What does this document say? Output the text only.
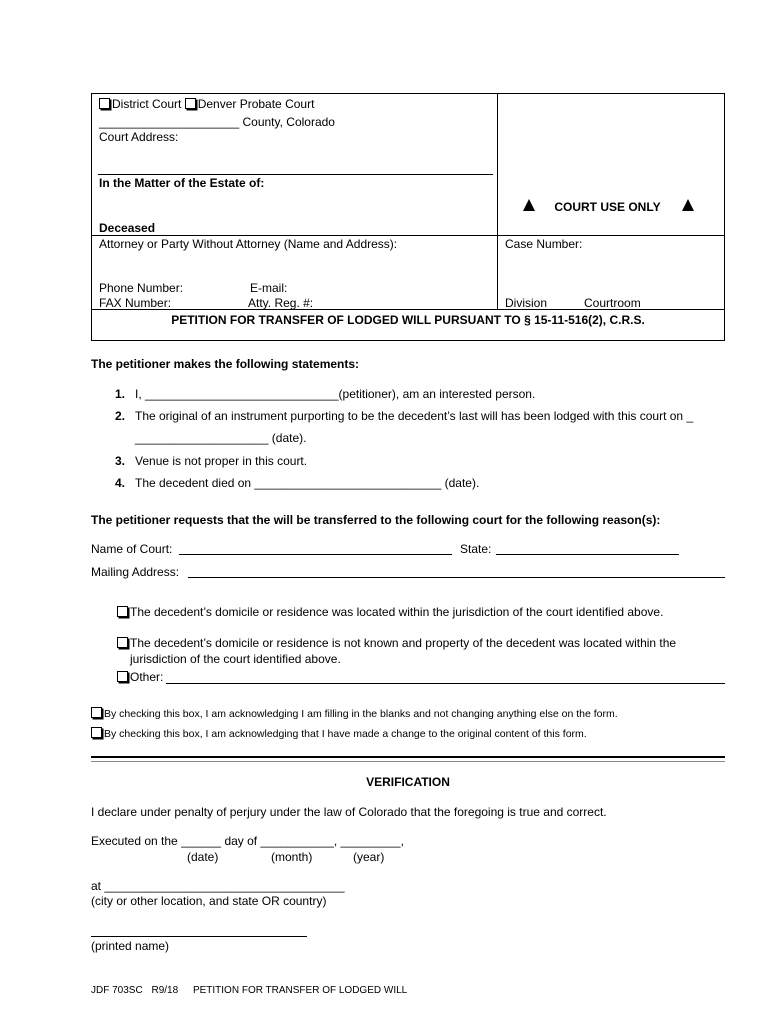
District Court Denver Probate Court
_____________________ County, Colorado
Court Address:
In the Matter of the Estate of:
Deceased
Attorney or Party Without Attorney (Name and Address):
Phone Number:	E-mail:
FAX Number:	Atty. Reg. #:
COURT USE ONLY
Case Number:
Division	Courtroom
PETITION FOR TRANSFER OF LODGED WILL PURSUANT TO § 15-11-516(2), C.R.S.
The petitioner makes the following statements:
1. I, _____________________________(petitioner), am an interested person.
2. The original of an instrument purporting to be the decedent’s last will has been lodged with this court on _
____________________ (date).
3. Venue is not proper in this court.
4. The decedent died on ____________________________ (date).
The petitioner requests that the will be transferred to the following court for the following reason(s):
Name of Court:	State:
Mailing Address:
The decedent’s domicile or residence was located within the jurisdiction of the court identified above.
The decedent’s domicile or residence is not known and property of the decedent was located within the
jurisdiction of the court identified above.
Other:
By checking this box, I am acknowledging I am filling in the blanks and not changing anything else on the form.
By checking this box, I am acknowledging that I have made a change to the original content of this form.
VERIFICATION
I declare under penalty of perjury under the law of Colorado that the foregoing is true and correct.
Executed on the ______ day of ___________, _________,
(date)	(month)	(year)
at ____________________________________
(city or other location, and state OR country)
(printed name)
JDF 703SC R9/18 PETITION FOR TRANSFER OF LODGED WILL
